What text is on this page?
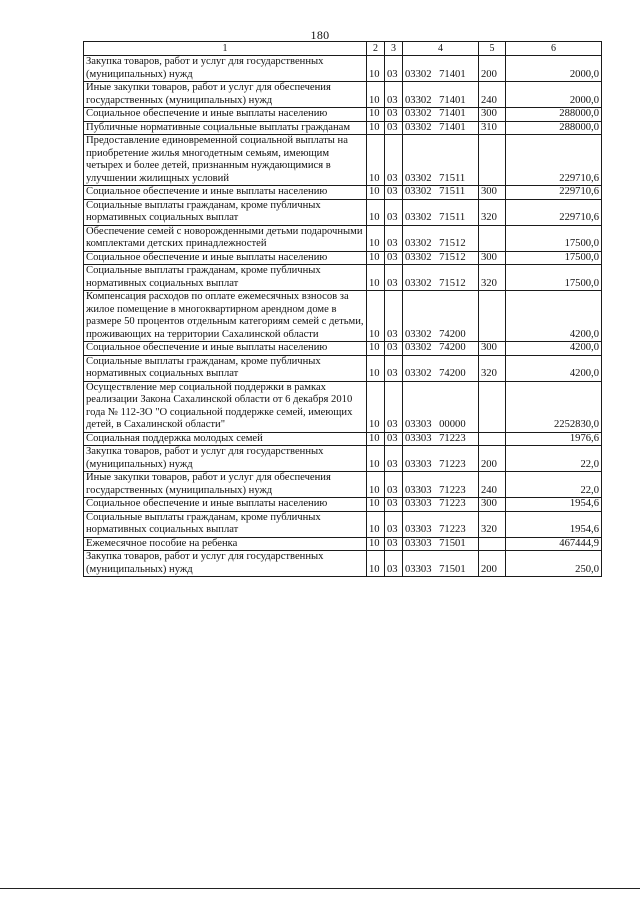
180
1	2	3	4	5	6
Закупка товаров, работ и услуг для государственных (муниципальных) нужд	10	03	03302 71401	200	2000,0
Иные закупки товаров, работ и услуг для обеспечения государственных (муниципальных) нужд	10	03	03302 71401	240	2000,0
Социальное обеспечение и иные выплаты населению	10	03	03302 71401	300	288000,0
Публичные нормативные социальные выплаты гражданам	10	03	03302 71401	310	288000,0
Предоставление единовременной социальной выплаты на приобретение жилья многодетным семьям, имеющим четырех и более детей, признанным нуждающимися в улучшении жилищных условий	10	03	03302 71511		229710,6
Социальное обеспечение и иные выплаты населению	10	03	03302 71511	300	229710,6
Социальные выплаты гражданам, кроме публичных нормативных социальных выплат	10	03	03302 71511	320	229710,6
Обеспечение семей с новорожденными детьми подарочными комплектами детских принадлежностей	10	03	03302 71512		17500,0
Социальное обеспечение и иные выплаты населению	10	03	03302 71512	300	17500,0
Социальные выплаты гражданам, кроме публичных нормативных социальных выплат	10	03	03302 71512	320	17500,0
Компенсация расходов по оплате ежемесячных взносов за жилое помещение в многоквартирном арендном доме в размере 50 процентов отдельным категориям семей с детьми, проживающих на территории Сахалинской области	10	03	03302 74200		4200,0
Социальное обеспечение и иные выплаты населению	10	03	03302 74200	300	4200,0
Социальные выплаты гражданам, кроме публичных нормативных социальных выплат	10	03	03302 74200	320	4200,0
Осуществление мер социальной поддержки в рамках реализации Закона Сахалинской области от 6 декабря 2010 года № 112-ЗО "О социальной поддержке семей, имеющих детей, в Сахалинской области"	10	03	03303 00000		2252830,0
Социальная поддержка молодых семей	10	03	03303 71223		1976,6
Закупка товаров, работ и услуг для государственных (муниципальных) нужд	10	03	03303 71223	200	22,0
Иные закупки товаров, работ и услуг для обеспечения государственных (муниципальных) нужд	10	03	03303 71223	240	22,0
Социальное обеспечение и иные выплаты населению	10	03	03303 71223	300	1954,6
Социальные выплаты гражданам, кроме публичных нормативных социальных выплат	10	03	03303 71223	320	1954,6
Ежемесячное пособие на ребенка	10	03	03303 71501		467444,9
Закупка товаров, работ и услуг для государственных (муниципальных) нужд	10	03	03303 71501	200	250,0
